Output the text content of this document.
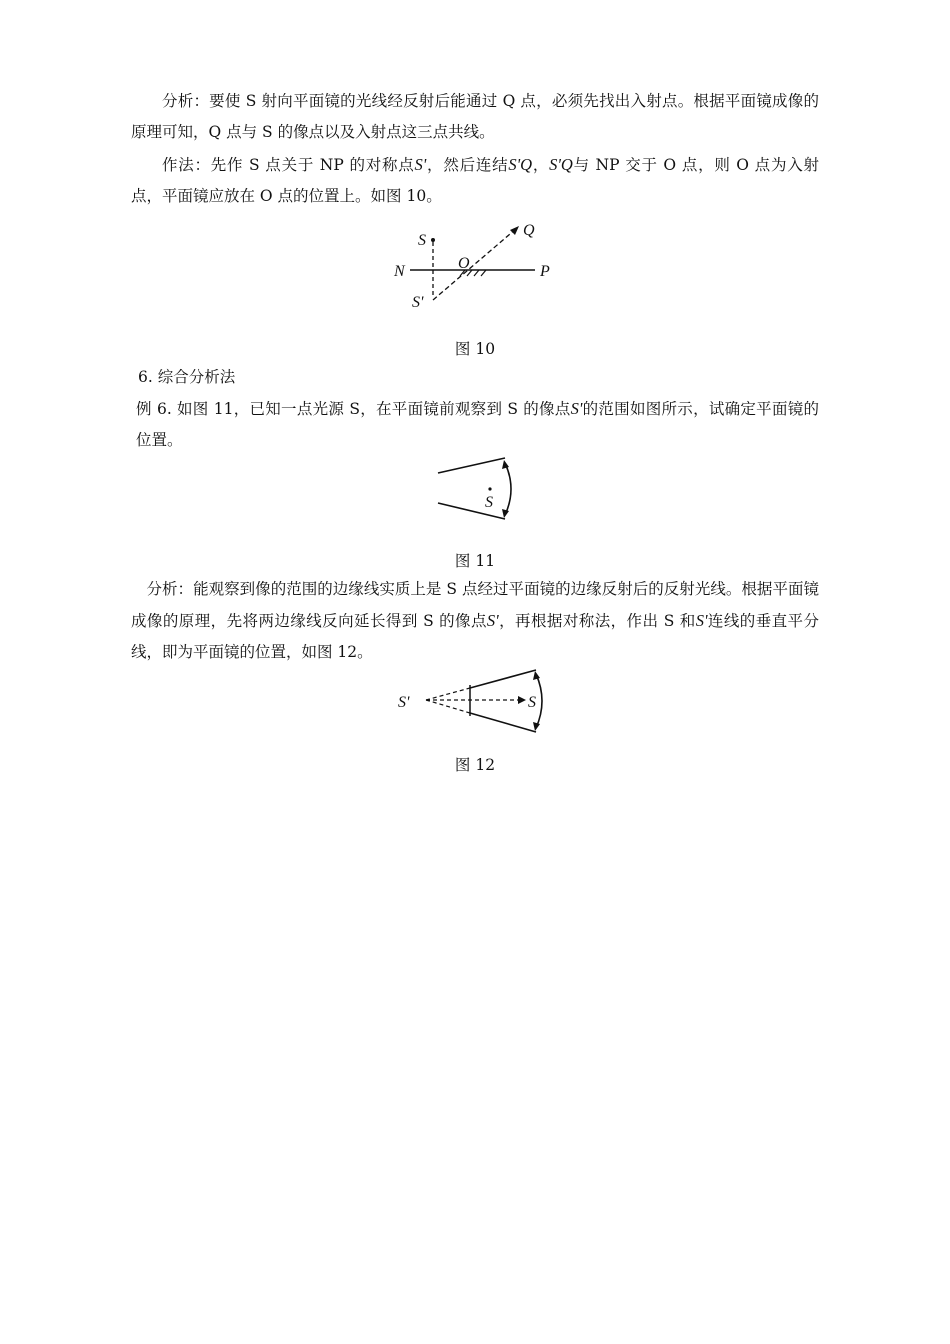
分析：要使 S 射向平面镜的光线经反射后能通过 Q 点，必须先找出入射点。根据平面镜成像的原理可知，Q 点与 S 的像点以及入射点这三点共线。

作法：先作 S 点关于 NP 的对称点S'，然后连结S'Q，S'Q与 NP 交于 O 点，则 O 点为入射点，平面镜应放在 O 点的位置上。如图 10。

S
Q
N	O	P
S'
图 10

6. 综合分析法

例 6. 如图 11，已知一点光源 S，在平面镜前观察到 S 的像点S'的范围如图所示，试确定平面镜的位置。

S
图 11

分析：能观察到像的范围的边缘线实质上是 S 点经过平面镜的边缘反射后的反射光线。根据平面镜成像的原理，先将两边缘线反向延长得到 S 的像点S'，再根据对称法，作出 S 和S'连线的垂直平分线，即为平面镜的位置，如图 12。

S'	S
图 12
